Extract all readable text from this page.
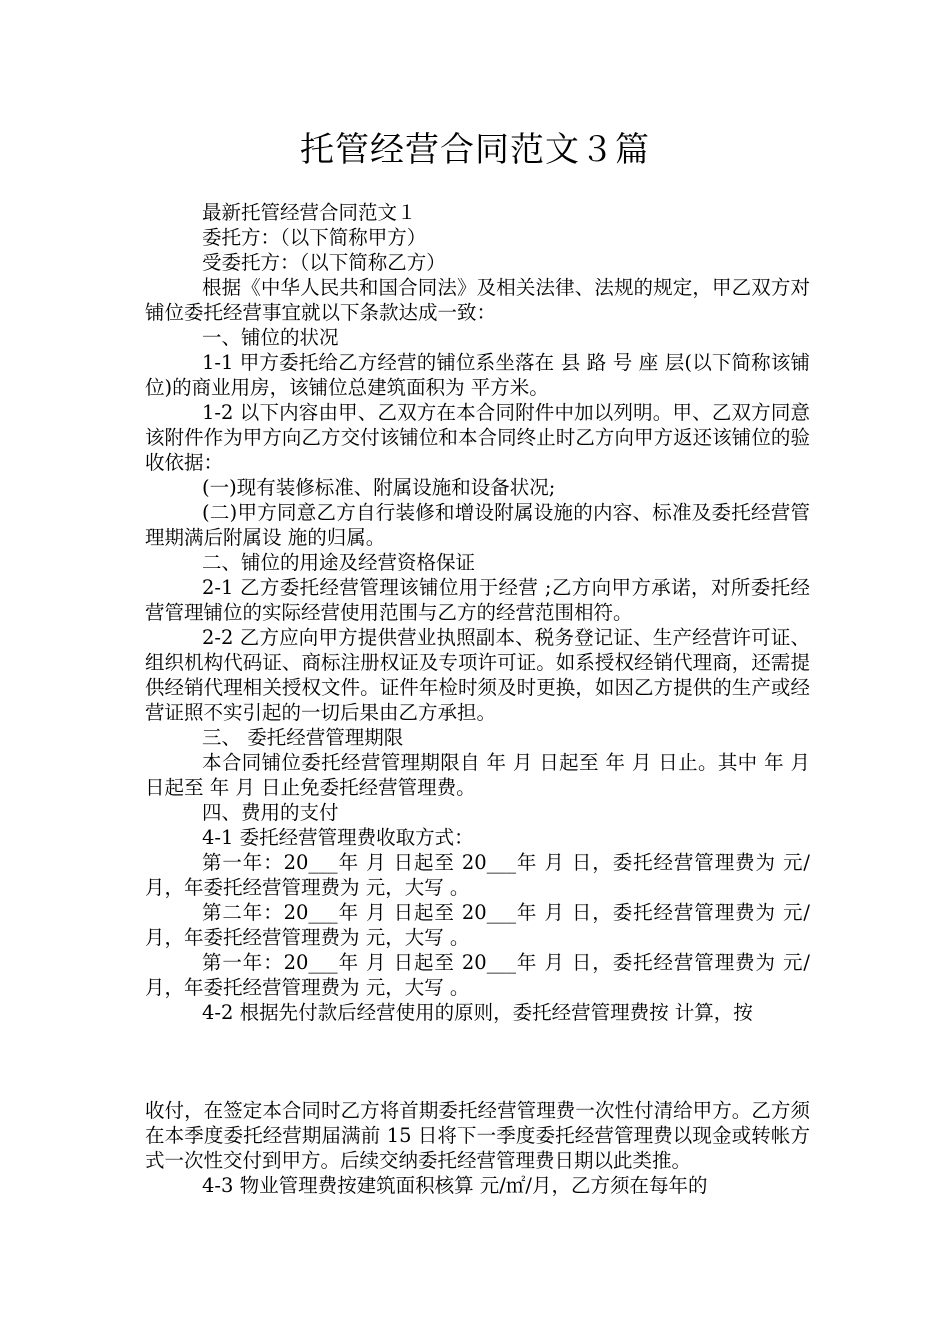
托管经营合同范文３篇

最新托管经营合同范文１

委托方：（以下简称甲方）

受委托方：（以下简称乙方）

根据《中华人民共和国合同法》及相关法律、法规的规定，甲乙双方对铺位委托经营事宜就以下条款达成一致：

一、铺位的状况

1-1 甲方委托给乙方经营的铺位系坐落在 县 路 号 座 层(以下简称该铺位)的商业用房，该铺位总建筑面积为 平方米。

1-2 以下内容由甲、乙双方在本合同附件中加以列明。甲、乙双方同意该附件作为甲方向乙方交付该铺位和本合同终止时乙方向甲方返还该铺位的验收依据：

(一)现有装修标准、附属设施和设备状况;

(二)甲方同意乙方自行装修和增设附属设施的内容、标准及委托经营管理期满后附属设 施的归属。

二、铺位的用途及经营资格保证

2-1 乙方委托经营管理该铺位用于经营 ;乙方向甲方承诺，对所委托经营管理铺位的实际经营使用范围与乙方的经营范围相符。

2-2 乙方应向甲方提供营业执照副本、税务登记证、生产经营许可证、组织机构代码证、商标注册权证及专项许可证。如系授权经销代理商，还需提供经销代理相关授权文件。证件年检时须及时更换，如因乙方提供的生产或经营证照不实引起的一切后果由乙方承担。

三、 委托经营管理期限

本合同铺位委托经营管理期限自 年 月 日起至 年 月 日止。其中 年 月 日起至 年 月 日止免委托经营管理费。

四、费用的支付

4-1 委托经营管理费收取方式：

第一年：20___年 月 日起至 20___年 月 日，委托经营管理费为 元/月，年委托经营管理费为 元，大写 。

第二年：20___年 月 日起至 20___年 月 日，委托经营管理费为 元/月，年委托经营管理费为 元，大写 。

第一年：20___年 月 日起至 20___年 月 日，委托经营管理费为 元/月，年委托经营管理费为 元，大写 。

4-2 根据先付款后经营使用的原则，委托经营管理费按 计算，按

收付，在签定本合同时乙方将首期委托经营管理费一次性付清给甲方。乙方须在本季度委托经营期届满前 15 日将下一季度委托经营管理费以现金或转帐方式一次性交付到甲方。后续交纳委托经营管理费日期以此类推。

4-3 物业管理费按建筑面积核算 元/㎡/月，乙方须在每年的
